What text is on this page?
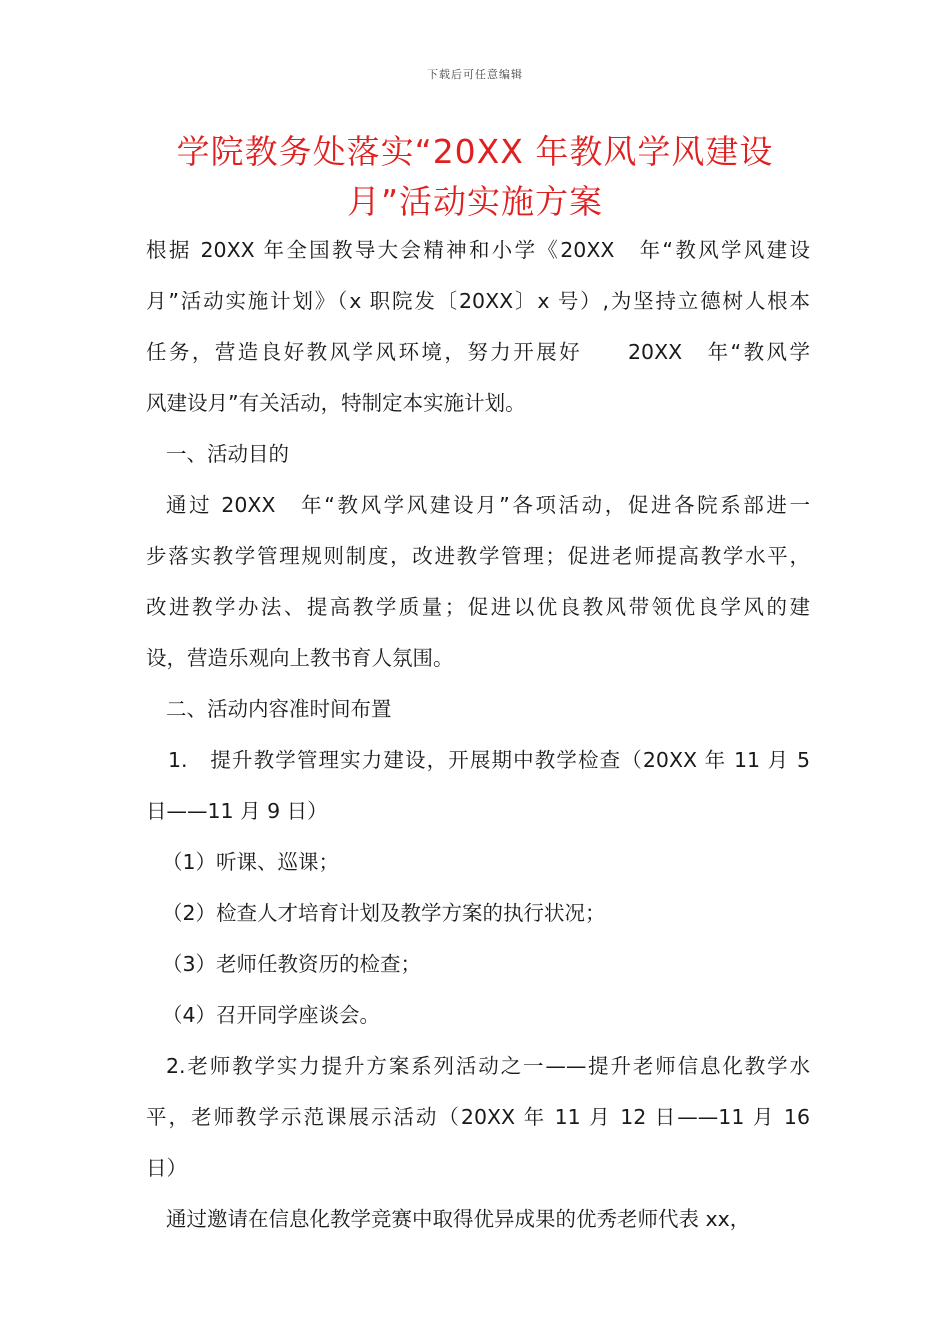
下载后可任意编辑
学院教务处落实“20XX 年教风学风建设
月”活动实施方案
根据 20XX 年全国教导大会精神和小学《20XX　年“教风学风建设
月”活动实施计划》（x 职院发〔20XX〕x 号）,为坚持立德树人根本
任务，营造良好教风学风环境，努力开展好　　20XX　年“教风学
风建设月”有关活动，特制定本实施计划。
一、活动目的
通过 20XX　年“教风学风建设月”各项活动，促进各院系部进一
步落实教学管理规则制度，改进教学管理；促进老师提高教学水平，
改进教学办法、提高教学质量；促进以优良教风带领优良学风的建
设，营造乐观向上教书育人氛围。
二、活动内容准时间布置
1.　提升教学管理实力建设，开展期中教学检查（20XX 年 11 月 5
日——11 月 9 日）
（1）听课、巡课；
（2）检查人才培育计划及教学方案的执行状况；
（3）老师任教资历的检查；
（4）召开同学座谈会。
2.老师教学实力提升方案系列活动之一——提升老师信息化教学水
平，老师教学示范课展示活动（20XX 年 11 月 12 日——11 月 16
日）
通过邀请在信息化教学竞赛中取得优异成果的优秀老师代表 xx，
